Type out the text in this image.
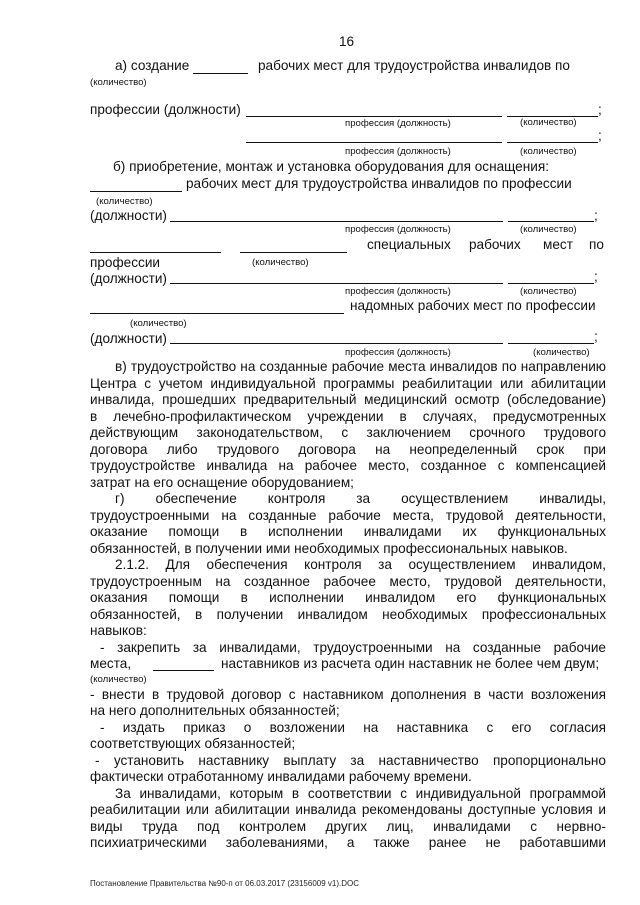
16
а) создание	рабочих мест для трудоустройства инвалидов по
(количество)
профессии (должности)	;
профессия (должность)	(количество)
;
профессия (должность)	(количество)
б) приобретение, монтаж и установка оборудования для оснащения:
рабочих мест для трудоустройства инвалидов по профессии
(количество)
(должности)	;
профессия (должность)	(количество)
специальных рабочих мест по
профессии	(количество)
(должности)	;
профессия (должность)	(количество)
надомных рабочих мест по профессии
(количество)
(должности)	;
профессия (должность)	(количество)
в) трудоустройство на созданные рабочие места инвалидов по направлению
Центра с учетом индивидуальной программы реабилитации или абилитации
инвалида, прошедших предварительный медицинский осмотр (обследование)
в лечебно-профилактическом учреждении в случаях, предусмотренных
действующим законодательством, с заключением срочного трудового
договора либо трудового договора на неопределенный срок при
трудоустройстве инвалида на рабочее место, созданное с компенсацией
затрат на его оснащение оборудованием;
г) обеспечение контроля за осуществлением инвалиды,
трудоустроенными на созданные рабочие места, трудовой деятельности,
оказание помощи в исполнении инвалидами их функциональных
обязанностей, в получении ими необходимых профессиональных навыков.
2.1.2. Для обеспечения контроля за осуществлением инвалидом,
трудоустроенным на созданное рабочее место, трудовой деятельности,
оказания помощи в исполнении инвалидом его функциональных
обязанностей, в получении инвалидом необходимых профессиональных
навыков:
- закрепить за инвалидами, трудоустроенными на созданные рабочие
места,	наставников из расчета один наставник не более чем двум;
(количество)
- внести в трудовой договор с наставником дополнения в части возложения
на него дополнительных обязанностей;
- издать приказ о возложении на наставника с его согласия
соответствующих обязанностей;
- установить наставнику выплату за наставничество пропорционально
фактически отработанному инвалидами рабочему времени.
За инвалидами, которым в соответствии с индивидуальной программой
реабилитации или абилитации инвалида рекомендованы доступные условия и
виды труда под контролем других лиц, инвалидами с нервно-
психиатрическими заболеваниями, а также ранее не работавшими
Постановление Правительства №90-п от 06.03.2017 (23156009 v1).DOC
